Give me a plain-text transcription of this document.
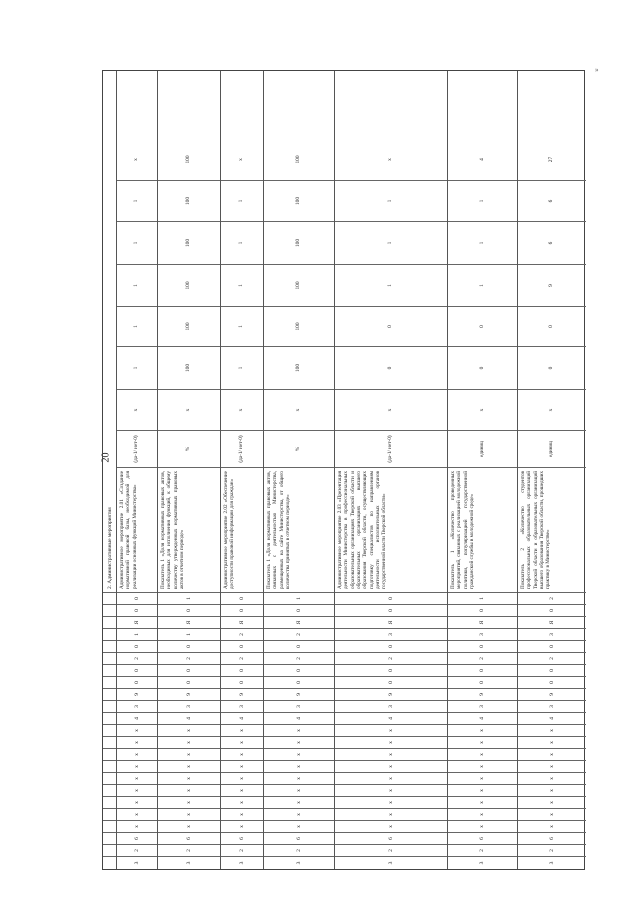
20
»
2. Административные мероприятия
3
2
6
x
x
x
x
x
x
x
x
x
4
3
9
0
0
2
0
1
Я
0
0
Административное мероприятие 2.01 «Создание нормативной правовой базы, необходимой для реализации основных функций Министерства»
(да-1/ нет-0)
x
1
1
1
1
1
x
3
2
6
x
x
x
x
x
x
x
x
x
4
3
9
0
0
2
0
1
Я
0
1
Показатель 1 «Доля нормативных правовых актов, необходимых для исполнения функций, к общему количеству утвержденных нормативных правовых актов в отчетном периоде»
%
x
100
100
100
100
100
100
3
2
6
x
x
x
x
x
x
x
x
x
4
3
9
0
0
2
0
2
Я
0
0
Административное мероприятие 2.02 «Обеспечение доступности правовой информации для граждан»
(да-1/ нет-0)
x
1
1
1
1
1
x
3
2
6
x
x
x
x
x
x
x
x
x
4
3
9
0
0
2
0
2
Я
0
1
Показатель 1 «Доля нормативных правовых актов, связанных с деятельностью Министерства, размещенных на сайте Министерства, от общего количества принятых в отчетном периоде»
%
x
100
100
100
100
100
100
3
2
6
x
x
x
x
x
x
x
x
x
4
3
9
0
0
2
0
3
Я
0
0
Административное мероприятие 2.03 «Презентация деятельности Министерства в профессиональных образовательных организациях Тверской области и образовательных организациях высшего образования Тверской области, осуществляющих подготовку специалистов по направлениям деятельности исполнительных органов государственной власти Тверской области»
(да-1/ нет-0)
x
0
0
1
1
1
x
3
2
6
x
x
x
x
x
x
x
x
x
4
3
9
0
0
2
0
3
Я
0
1
Показатель 1 «Количество проведенных мероприятий, связанных с реализацией молодежной политики, популяризацией государственной гражданской службы в молодежной среде»
единиц
x
0
0
1
1
1
4
3
2
6
x
x
x
x
x
x
x
x
x
4
3
9
0
0
2
0
3
Я
0
2
Показатель 2 «Количество студентов профессиональных образовательных организаций Тверской области и образовательных организаций высшего образования Тверской области, прошедших практику в Министерстве»
единиц
x
0
0
9
6
6
27
